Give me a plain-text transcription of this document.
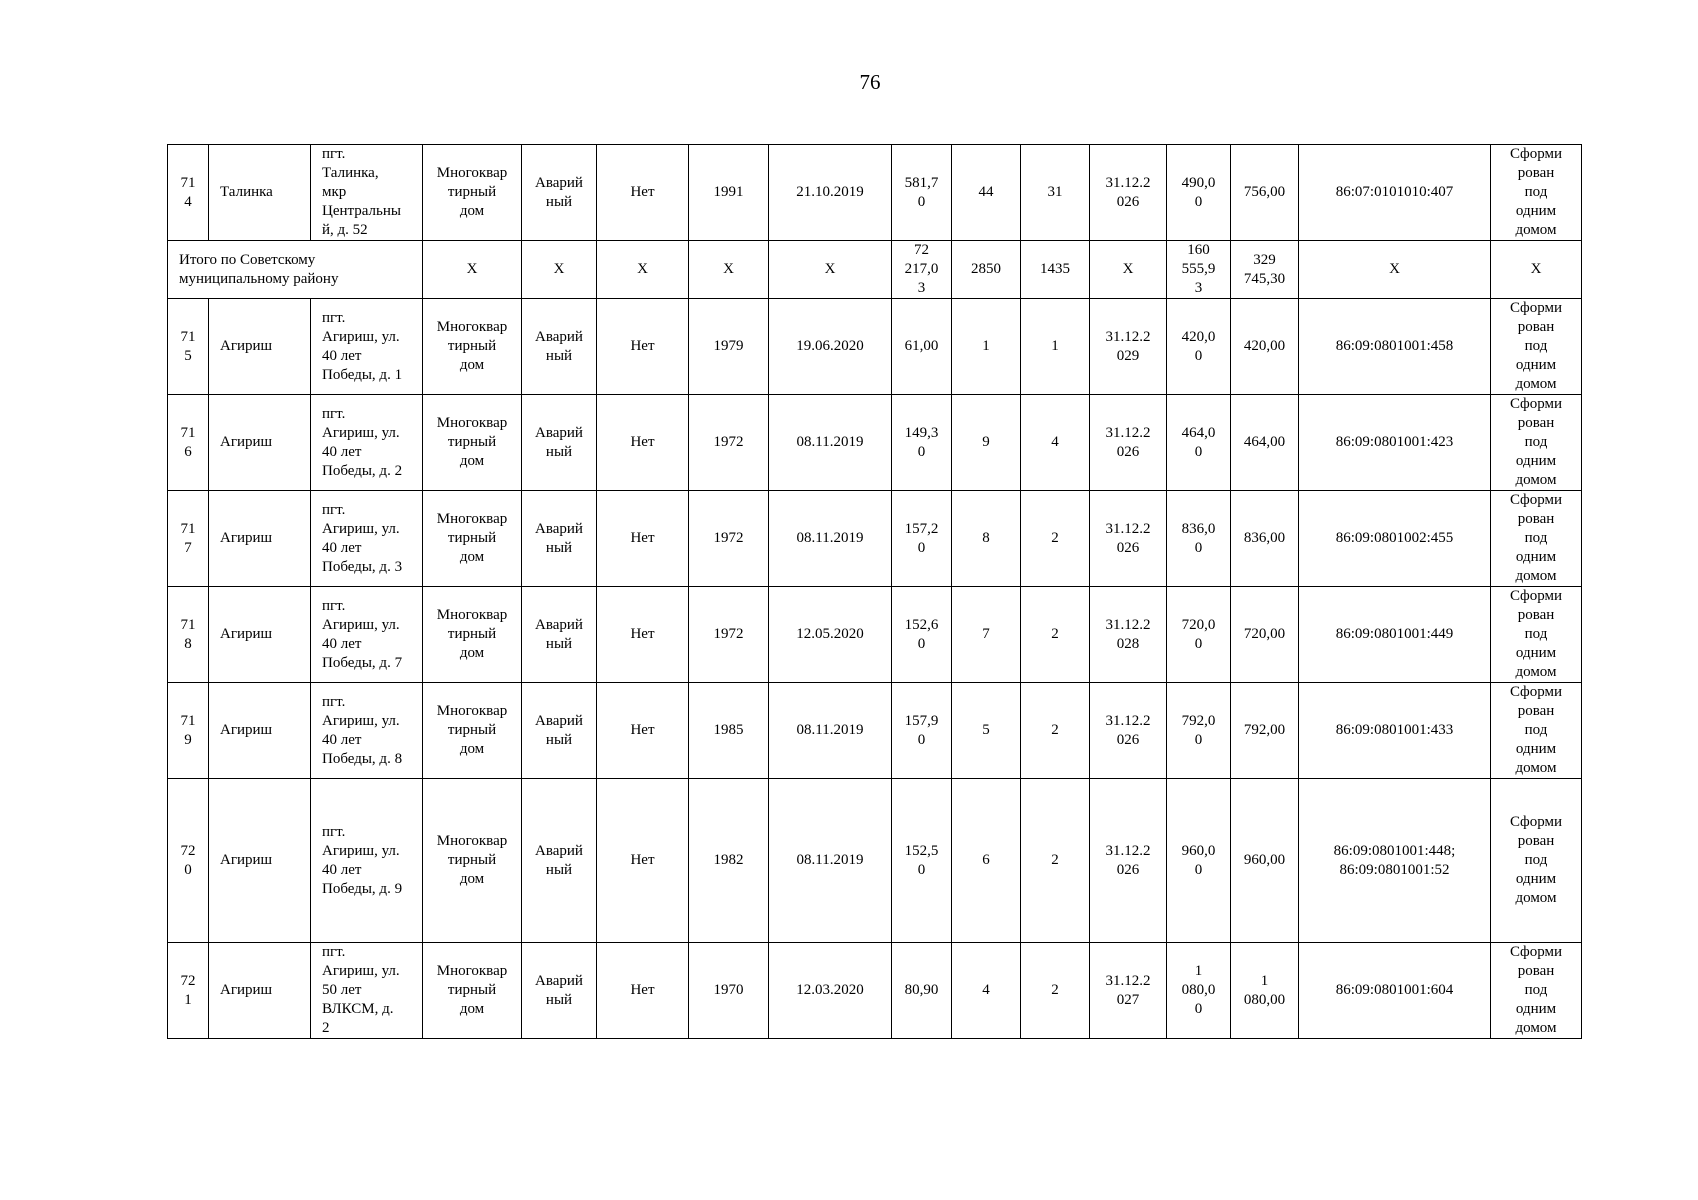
76
71
4	Талинка	пгт.
Талинка,
мкр
Центральны
й, д. 52	Многоквар
тирный
дом	Аварий
ный	Нет	1991	21.10.2019	581,7
0	44	31	31.12.2
026	490,0
0	756,00	86:07:0101010:407	Сформи
рован
под
одним
домом
Итого по Советскому
муниципальному району			Х	Х	Х	Х	Х	72
217,0
3	2850	1435	Х	160
555,9
3	329
745,30	Х	Х
71
5	Агириш	пгт.
Агириш, ул.
40 лет
Победы, д. 1	Многоквар
тирный
дом	Аварий
ный	Нет	1979	19.06.2020	61,00	1	1	31.12.2
029	420,0
0	420,00	86:09:0801001:458	Сформи
рован
под
одним
домом
71
6	Агириш	пгт.
Агириш, ул.
40 лет
Победы, д. 2	Многоквар
тирный
дом	Аварий
ный	Нет	1972	08.11.2019	149,3
0	9	4	31.12.2
026	464,0
0	464,00	86:09:0801001:423	Сформи
рован
под
одним
домом
71
7	Агириш	пгт.
Агириш, ул.
40 лет
Победы, д. 3	Многоквар
тирный
дом	Аварий
ный	Нет	1972	08.11.2019	157,2
0	8	2	31.12.2
026	836,0
0	836,00	86:09:0801002:455	Сформи
рован
под
одним
домом
71
8	Агириш	пгт.
Агириш, ул.
40 лет
Победы, д. 7	Многоквар
тирный
дом	Аварий
ный	Нет	1972	12.05.2020	152,6
0	7	2	31.12.2
028	720,0
0	720,00	86:09:0801001:449	Сформи
рован
под
одним
домом
71
9	Агириш	пгт.
Агириш, ул.
40 лет
Победы, д. 8	Многоквар
тирный
дом	Аварий
ный	Нет	1985	08.11.2019	157,9
0	5	2	31.12.2
026	792,0
0	792,00	86:09:0801001:433	Сформи
рован
под
одним
домом
72
0	Агириш	пгт.
Агириш, ул.
40 лет
Победы, д. 9	Многоквар
тирный
дом	Аварий
ный	Нет	1982	08.11.2019	152,5
0	6	2	31.12.2
026	960,0
0	960,00	86:09:0801001:448;
86:09:0801001:52	Сформи
рован
под
одним
домом
72
1	Агириш	пгт.
Агириш, ул.
50 лет
ВЛКСМ, д.
2	Многоквар
тирный
дом	Аварий
ный	Нет	1970	12.03.2020	80,90	4	2	31.12.2
027	1
080,0
0	1
080,00	86:09:0801001:604	Сформи
рован
под
одним
домом
